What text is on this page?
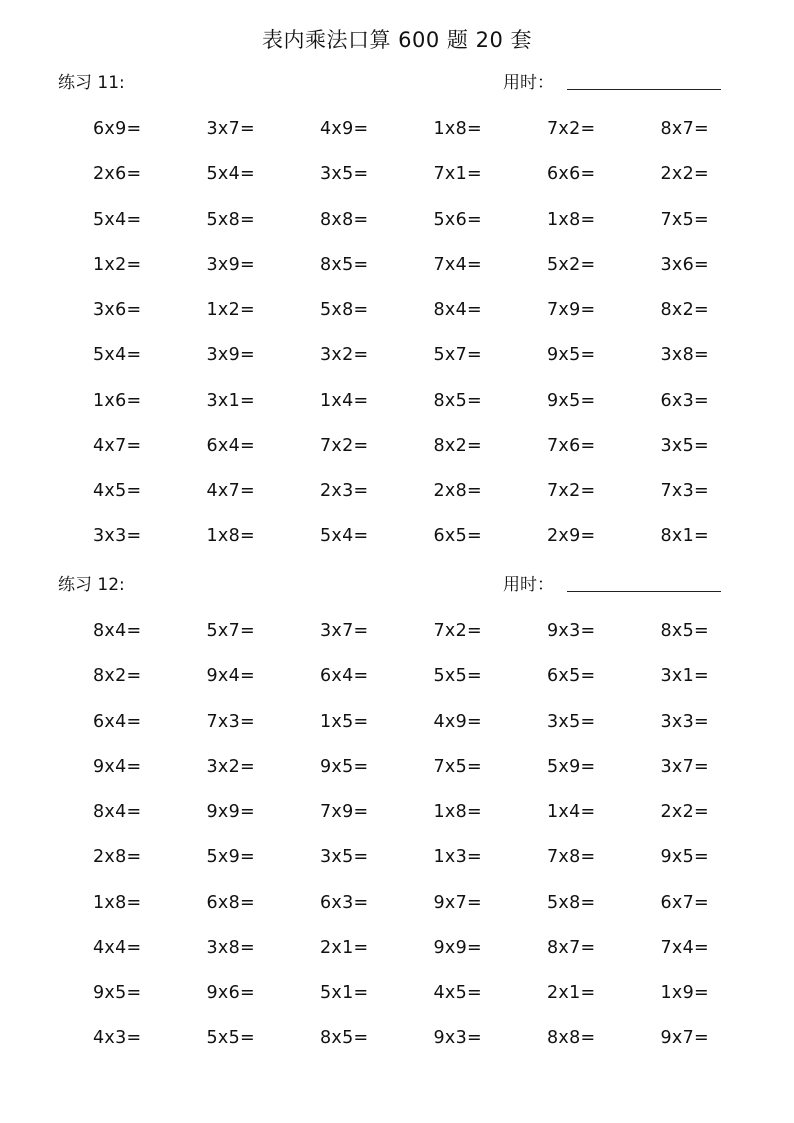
表内乘法口算 600 题 20 套
练习 11:	用时：
6x9=	3x7=	4x9=	1x8=	7x2=	8x7=
2x6=	5x4=	3x5=	7x1=	6x6=	2x2=
5x4=	5x8=	8x8=	5x6=	1x8=	7x5=
1x2=	3x9=	8x5=	7x4=	5x2=	3x6=
3x6=	1x2=	5x8=	8x4=	7x9=	8x2=
5x4=	3x9=	3x2=	5x7=	9x5=	3x8=
1x6=	3x1=	1x4=	8x5=	9x5=	6x3=
4x7=	6x4=	7x2=	8x2=	7x6=	3x5=
4x5=	4x7=	2x3=	2x8=	7x2=	7x3=
3x3=	1x8=	5x4=	6x5=	2x9=	8x1=
练习 12:	用时：
8x4=	5x7=	3x7=	7x2=	9x3=	8x5=
8x2=	9x4=	6x4=	5x5=	6x5=	3x1=
6x4=	7x3=	1x5=	4x9=	3x5=	3x3=
9x4=	3x2=	9x5=	7x5=	5x9=	3x7=
8x4=	9x9=	7x9=	1x8=	1x4=	2x2=
2x8=	5x9=	3x5=	1x3=	7x8=	9x5=
1x8=	6x8=	6x3=	9x7=	5x8=	6x7=
4x4=	3x8=	2x1=	9x9=	8x7=	7x4=
9x5=	9x6=	5x1=	4x5=	2x1=	1x9=
4x3=	5x5=	8x5=	9x3=	8x8=	9x7=
